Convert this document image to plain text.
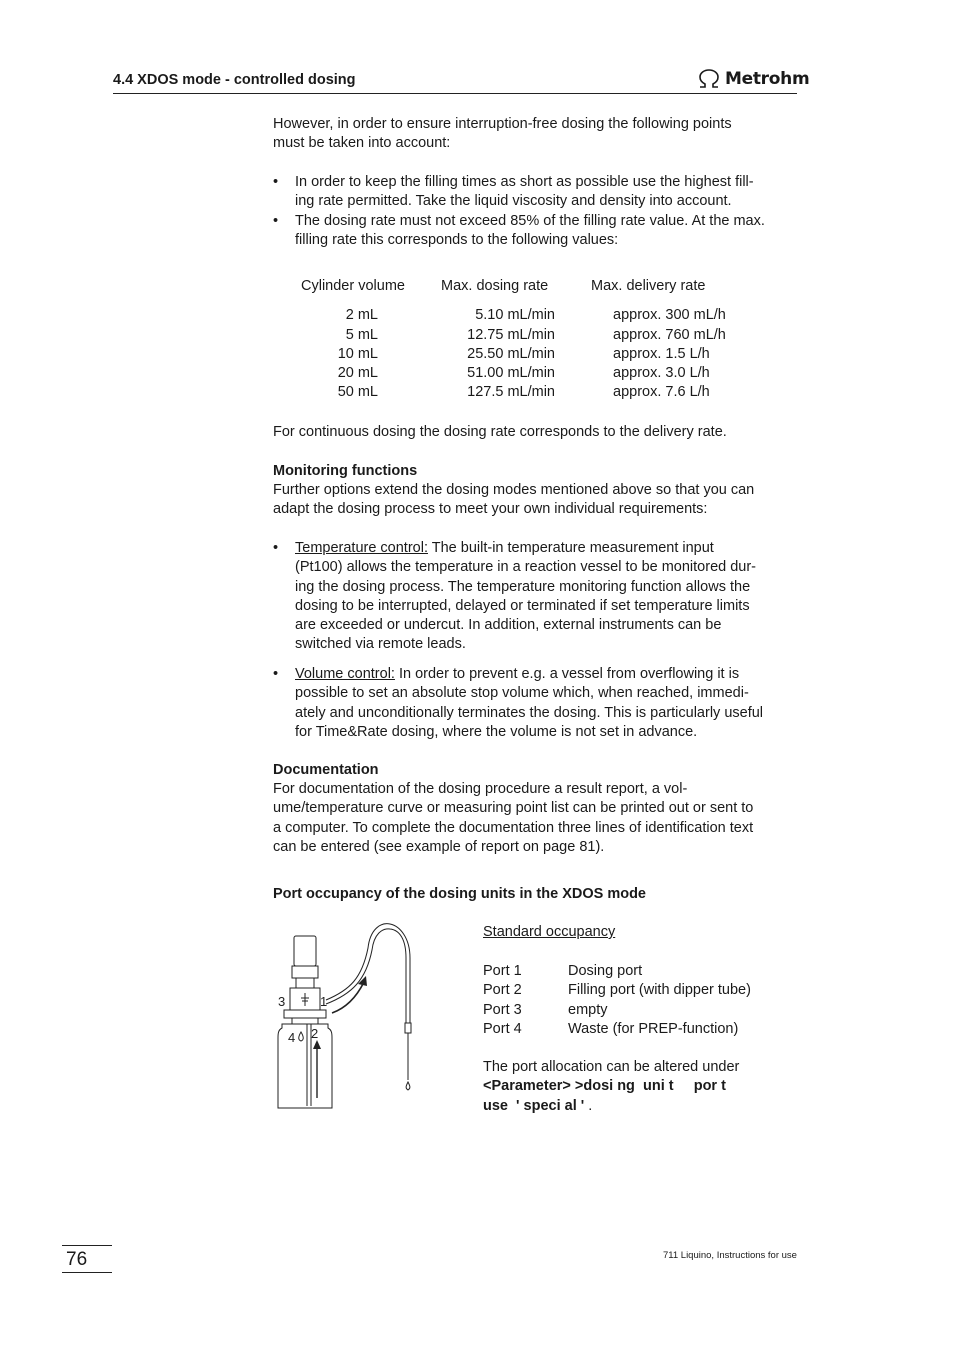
4.4 XDOS mode - controlled dosing	Metrohm
However, in order to ensure interruption-free dosing the following points
must be taken into account:
• In order to keep the filling times as short as possible use the highest fill-
ing rate permitted. Take the liquid viscosity and density into account.
• The dosing rate must not exceed 85% of the filling rate value. At the max.
filling rate this corresponds to the following values:
	Cylinder volume	Max. dosing rate	Max. delivery rate

	2 mL	5.10 mL/min	approx. 300 mL/h
	5 mL	12.75 mL/min	approx. 760 mL/h
	10 mL	25.50 mL/min	approx. 1.5 L/h
	20 mL	51.00 mL/min	approx. 3.0 L/h
	50 mL	127.5 mL/min	approx. 7.6 L/h
For continuous dosing the dosing rate corresponds to the delivery rate.
Monitoring functions
Further options extend the dosing modes mentioned above so that you can
adapt the dosing process to meet your own individual requirements:
• Temperature control: The built-in temperature measurement input
(Pt100) allows the temperature in a reaction vessel to be monitored dur-
ing the dosing process. The temperature monitoring function allows the
dosing to be interrupted, delayed or terminated if set temperature limits
are exceeded or undercut. In addition, external instruments can be
switched via remote leads.
• Volume control: In order to prevent e.g. a vessel from overflowing it is
possible to set an absolute stop volume which, when reached, immedi-
ately and unconditionally terminates the dosing. This is particularly useful
for Time&Rate dosing, where the volume is not set in advance.
Documentation
For documentation of the dosing procedure a result report, a vol-
ume/temperature curve or measuring point list can be printed out or sent to
a computer. To complete the documentation three lines of identification text
can be entered (see example of report on page 81).
Port occupancy of the dosing units in the XDOS mode
3	1
4 2
Standard occupancy
Port 1	Dosing port
Port 2	Filling port (with dipper tube)
Port 3	empty
Port 4	Waste (for PREP-function)
The port allocation can be altered under
<Parameter> >dosi ng  uni t     por t
use  ' speci al ' .
76	711 Liquino, Instructions for use
